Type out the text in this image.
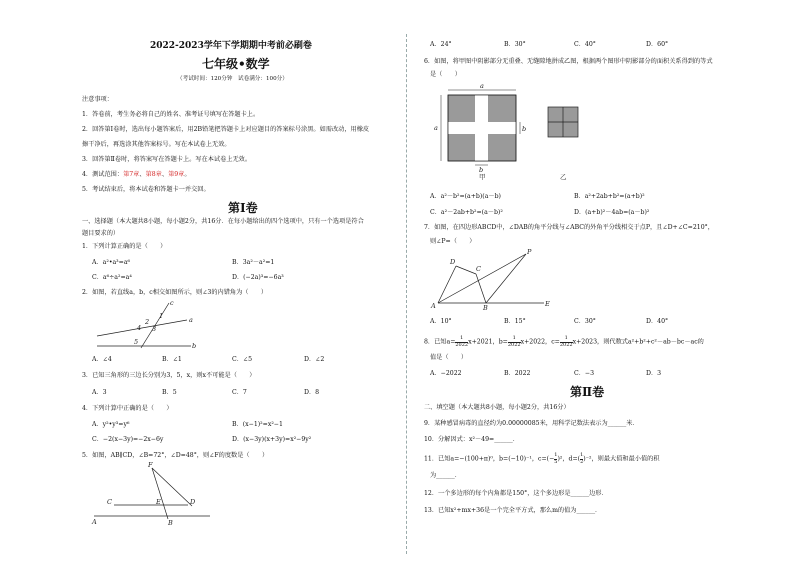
2022-2023学年下学期期中考前必刷卷
七年级•数学
（考试时间：120分钟　试卷满分：100分）
注意事项：
1．答卷前，考生务必将自己的姓名、准考证号填写在答题卡上。
2．回答第Ⅰ卷时，选出每小题答案后，用2B铅笔把答题卡上对应题目的答案标号涂黑。如需改动，用橡皮
擦干净后，再选涂其他答案标号。写在本试卷上无效。
3．回答第Ⅱ卷时，将答案写在答题卡上。写在本试卷上无效。
4．测试范围：第7章、第8章、第9章。
5．考试结束后，将本试卷和答题卡一并交回。
第Ⅰ卷
一、选择题（本大题共8小题，每小题2分，共16分．在每小题给出的四个选项中，只有一个选项是符合
题目要求的）
1．下列计算正确的是（　　）
A．a²•a³=a⁶	B．3a²－a²=1
C．a⁶÷a²=a⁴	D．(−2a)³=−6a³
2．如图，若直线a，b，c相交如图所示，则∠3的内错角为（　　）
c
a
b
1
2
3
4
5
A．∠4	B．∠1	C．∠5	D．∠2
3．已知三角形的三边长分别为3，5，x，则x不可能是（　　）
A．3	B．5	C．7	D．8
4．下列计算中正确的是（　　）
A．y²•y³=y⁶	B．(x−1)²=x²−1
C．−2(x−3y)=−2x−6y	D．(x−3y)(x+3y)=x²−9y²
5．如图，AB∥CD，∠B=72°，∠D=48°，则∠F的度数是（　　）
F
C	E	D
A	B
A．24°	B．30°	C．40°	D．60°
6．如图，将甲图中阴影部分无重叠、无缝隙地拼成乙图，根据两个图形中阴影部分的面积关系得到的等式
是（　　）
a
a	b
b
甲	乙
A．a²－b²=(a+b)(a－b)	B．a²+2ab+b²=(a+b)²
C．a²－2ab+b²=(a－b)²	D．(a+b)²－4ab=(a－b)²
7．如图，在四边形ABCD中，∠DAB的角平分线与∠ABC的外角平分线相交于点P，且∠D+∠C=210°，
则∠P=（　　）
P
D
C
A	B	E
A．10°	B．15°	C．30°	D．40°
8．已知$a= \frac{1}{2022} x+2021$，$b= \frac{1}{2022} x+2022$，$c= \frac{1}{2022} x+2023$，则代数式a²+b²+c²－ab－bc－ac的
值是（　　）
A．−2022	B．2022	C．−3	D．3
第Ⅱ卷
二、填空题（本大题共8小题，每小题2分，共16分）
9．某种感冒病毒的直径约为0.00000085米，用科学记数法表示为______米．
10．分解因式：x²－49=______．
11．已知a=−(100+π)⁰，b=(−10)⁻¹，$c=(- \frac{1}{5} )^2$，$d=( \frac{1}{2} )^{-2}$，则最大值和最小值的积
为______．
12．一个多边形的每个内角都是150°，这个多边形是______边形．
13．已知x²+mx+36是一个完全平方式，那么m的值为______．
